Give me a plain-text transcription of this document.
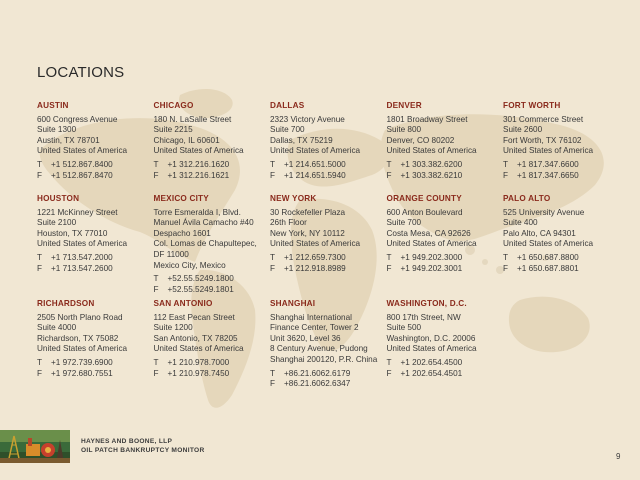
LOCATIONS
AUSTIN
600 Congress Avenue
Suite 1300
Austin, TX 78701
United States of America
T +1 512.867.8400
F +1 512.867.8470
CHICAGO
180 N. LaSalle Street
Suite 2215
Chicago, IL 60601
United States of America
T +1 312.216.1620
F +1 312.216.1621
DALLAS
2323 Victory Avenue
Suite 700
Dallas, TX 75219
United States of America
T +1 214.651.5000
F +1 214.651.5940
DENVER
1801 Broadway Street
Suite 800
Denver, CO 80202
United States of America
T +1 303.382.6200
F +1 303.382.6210
FORT WORTH
301 Commerce Street
Suite 2600
Fort Worth, TX 76102
United States of America
T +1 817.347.6600
F +1 817.347.6650
HOUSTON
1221 McKinney Street
Suite 2100
Houston, TX 77010
United States of America
T +1 713.547.2000
F +1 713.547.2600
MEXICO CITY
Torre Esmeralda I, Blvd.
Manuel Ávila Camacho #40
Despacho 1601
Col. Lomas de Chapultepec,
DF 11000
Mexico City, Mexico
T +52.55.5249.1800
F +52.55.5249.1801
NEW YORK
30 Rockefeller Plaza
26th Floor
New York, NY 10112
United States of America
T +1 212.659.7300
F +1 212.918.8989
ORANGE COUNTY
600 Anton Boulevard
Suite 700
Costa Mesa, CA 92626
United States of America
T +1 949.202.3000
F +1 949.202.3001
PALO ALTO
525 University Avenue
Suite 400
Palo Alto, CA 94301
United States of America
T +1 650.687.8800
F +1 650.687.8801
RICHARDSON
2505 North Plano Road
Suite 4000
Richardson, TX 75082
United States of America
T +1 972.739.6900
F +1 972.680.7551
SAN ANTONIO
112 East Pecan Street
Suite 1200
San Antonio, TX 78205
United States of America
T +1 210.978.7000
F +1 210.978.7450
SHANGHAI
Shanghai International
Finance Center, Tower 2
Unit 3620, Level 36
8 Century Avenue, Pudong
Shanghai 200120, P.R. China
T +86.21.6062.6179
F +86.21.6062.6347
WASHINGTON, D.C.
800 17th Street, NW
Suite 500
Washington, D.C. 20006
United States of America
T +1 202.654.4500
F +1 202.654.4501
HAYNES AND BOONE, LLP
OIL PATCH BANKRUPTCY MONITOR
9
